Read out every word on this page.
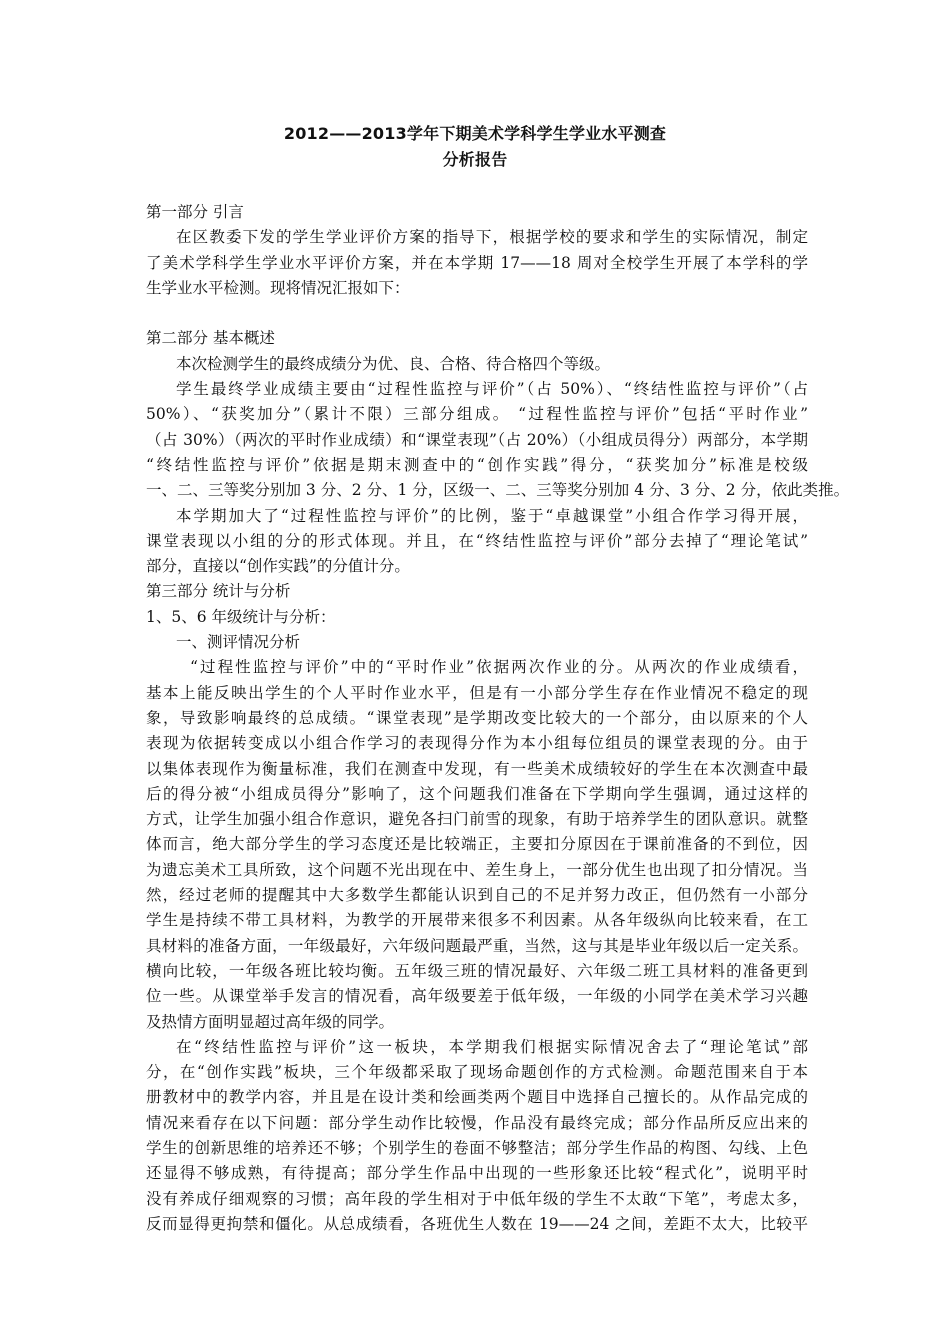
2012——2013学年下期美术学科学生学业水平测查
分析报告
第一部分 引言
在区教委下发的学生学业评价方案的指导下，根据学校的要求和学生的实际情况，制定
了美术学科学生学业水平评价方案，并在本学期 17——18 周对全校学生开展了本学科的学
生学业水平检测。现将情况汇报如下：
第二部分 基本概述
本次检测学生的最终成绩分为优、良、合格、待合格四个等级。
学生最终学业成绩主要由“过程性监控与评价”（占 50%）、“终结性监控与评价”（占
50%）、“获奖加分”（累计不限）三部分组成。 “过程性监控与评价”包括“平时作业”
（占 30%）（两次的平时作业成绩）和“课堂表现”（占 20%）（小组成员得分）两部分，本学期
“终结性监控与评价”依据是期末测查中的“创作实践”得分，“获奖加分”标准是校级
一、二、三等奖分别加 3 分、2 分、1 分，区级一、二、三等奖分别加 4 分、3 分、2 分，依此类推。
本学期加大了“过程性监控与评价”的比例，鉴于“卓越课堂”小组合作学习得开展，
课堂表现以小组的分的形式体现。并且，在“终结性监控与评价”部分去掉了“理论笔试”
部分，直接以“创作实践”的分值计分。
第三部分 统计与分析
1、5、6 年级统计与分析：
一、测评情况分析
“过程性监控与评价”中的“平时作业”依据两次作业的分。从两次的作业成绩看，
基本上能反映出学生的个人平时作业水平，但是有一小部分学生存在作业情况不稳定的现
象，导致影响最终的总成绩。“课堂表现”是学期改变比较大的一个部分，由以原来的个人
表现为依据转变成以小组合作学习的表现得分作为本小组每位组员的课堂表现的分。由于
以集体表现作为衡量标准，我们在测查中发现，有一些美术成绩较好的学生在本次测查中最
后的得分被“小组成员得分”影响了，这个问题我们准备在下学期向学生强调，通过这样的
方式，让学生加强小组合作意识，避免各扫门前雪的现象，有助于培养学生的团队意识。就整
体而言，绝大部分学生的学习态度还是比较端正，主要扣分原因在于课前准备的不到位，因
为遗忘美术工具所致，这个问题不光出现在中、差生身上，一部分优生也出现了扣分情况。当
然，经过老师的提醒其中大多数学生都能认识到自己的不足并努力改正，但仍然有一小部分
学生是持续不带工具材料，为教学的开展带来很多不利因素。从各年级纵向比较来看，在工
具材料的准备方面，一年级最好，六年级问题最严重，当然，这与其是毕业年级以后一定关系。
横向比较，一年级各班比较均衡。五年级三班的情况最好、六年级二班工具材料的准备更到
位一些。从课堂举手发言的情况看，高年级要差于低年级，一年级的小同学在美术学习兴趣
及热情方面明显超过高年级的同学。
在“终结性监控与评价”这一板块，本学期我们根据实际情况舍去了“理论笔试”部
分，在“创作实践”板块，三个年级都采取了现场命题创作的方式检测。命题范围来自于本
册教材中的教学内容，并且是在设计类和绘画类两个题目中选择自己擅长的。从作品完成的
情况来看存在以下问题：部分学生动作比较慢，作品没有最终完成；部分作品所反应出来的
学生的创新思维的培养还不够；个别学生的卷面不够整洁；部分学生作品的构图、勾线、上色
还显得不够成熟，有待提高；部分学生作品中出现的一些形象还比较“程式化”，说明平时
没有养成仔细观察的习惯；高年段的学生相对于中低年级的学生不太敢“下笔”，考虑太多，
反而显得更拘禁和僵化。从总成绩看，各班优生人数在 19——24 之间，差距不太大，比较平
